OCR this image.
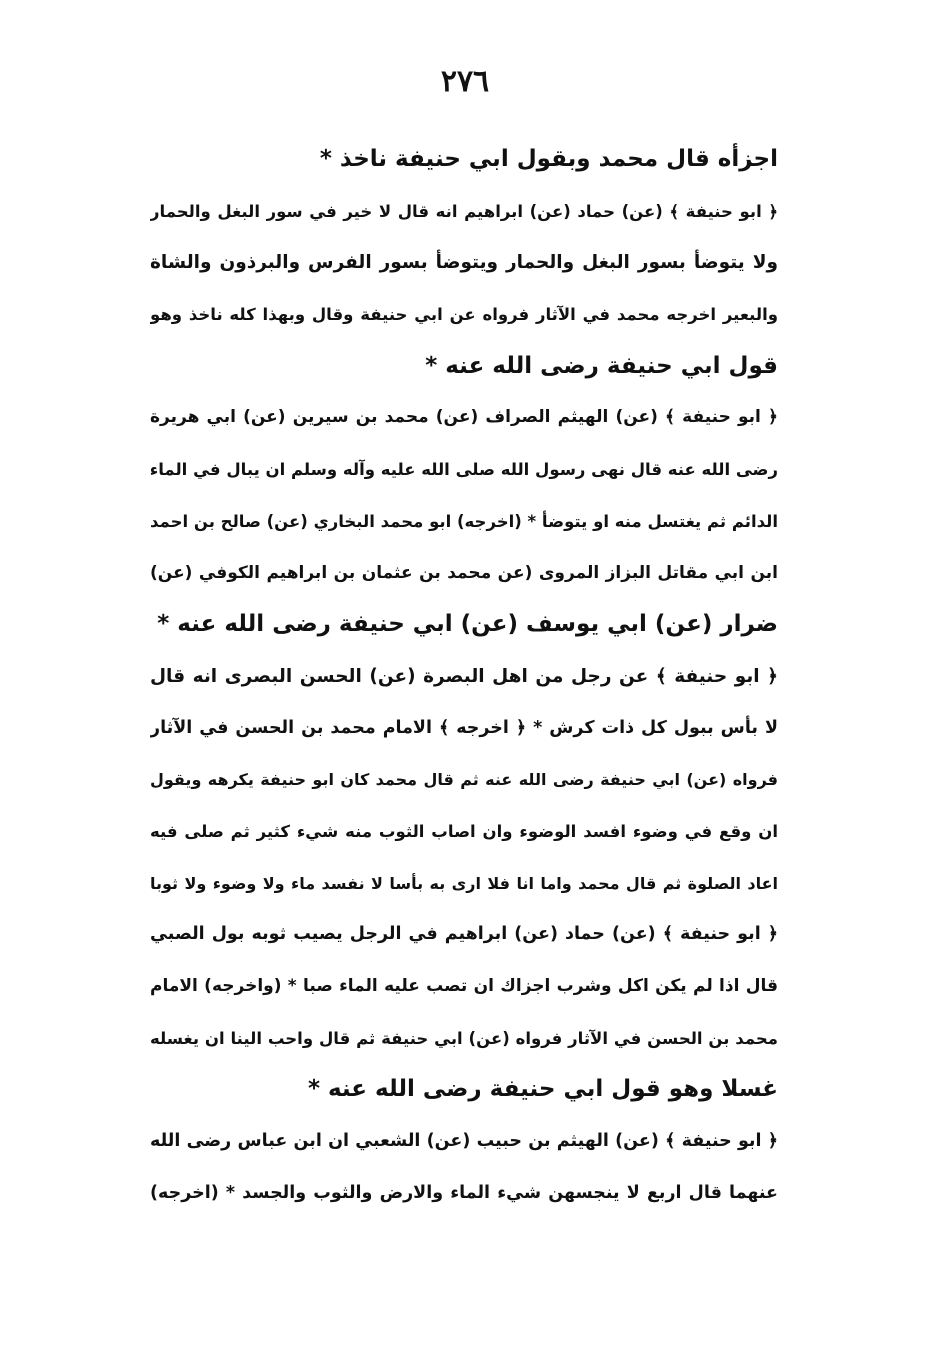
٢٧٦
اجزأه قال محمد وبقول ابي حنيفة ناخذ *
﴿ ابو حنيفة ﴾ (عن) حماد (عن) ابراهيم انه قال لا خير في سور البغل والحمار
ولا يتوضأ بسور البغل والحمار ويتوضأ بسور الفرس والبرذون والشاة
والبعير اخرجه محمد في الآثار فرواه عن ابي حنيفة وقال وبهذا كله ناخذ وهو
قول ابي حنيفة رضى الله عنه *
﴿ ابو حنيفة ﴾ (عن) الهيثم الصراف (عن) محمد بن سيرين (عن) ابي هريرة
رضى الله عنه قال نهى رسول الله صلى الله عليه وآله وسلم ان يبال في الماء
الدائم ثم يغتسل منه او يتوضأ * (اخرجه) ابو محمد البخاري (عن) صالح بن احمد
ابن ابي مقاتل البزاز المروى (عن محمد بن عثمان بن ابراهيم الكوفي (عن)
ضرار (عن) ابي يوسف (عن) ابي حنيفة رضى الله عنه *
﴿ ابو حنيفة ﴾ عن رجل من اهل البصرة (عن) الحسن البصرى انه قال
لا بأس ببول كل ذات كرش * ﴿ اخرجه ﴾ الامام محمد بن الحسن في الآثار
فرواه (عن) ابي حنيفة رضى الله عنه ثم قال محمد كان ابو حنيفة يكرهه ويقول
ان وقع في وضوء افسد الوضوء وان اصاب الثوب منه شيء كثير ثم صلى فيه
اعاد الصلوة ثم قال محمد واما انا فلا ارى به بأسا لا نفسد ماء ولا وضوء ولا ثوبا
﴿ ابو حنيفة ﴾ (عن) حماد (عن) ابراهيم في الرجل يصيب ثوبه بول الصبي
قال اذا لم يكن اكل وشرب اجزاك ان تصب عليه الماء صبا * (واخرجه) الامام
محمد بن الحسن في الآثار فرواه (عن) ابي حنيفة ثم قال واحب الينا ان يغسله
غسلا وهو قول ابي حنيفة رضى الله عنه *
﴿ ابو حنيفة ﴾ (عن) الهيثم بن حبيب (عن) الشعبي ان ابن عباس رضى الله
عنهما قال اربع لا ينجسهن شيء الماء والارض والثوب والجسد * (اخرجه)
